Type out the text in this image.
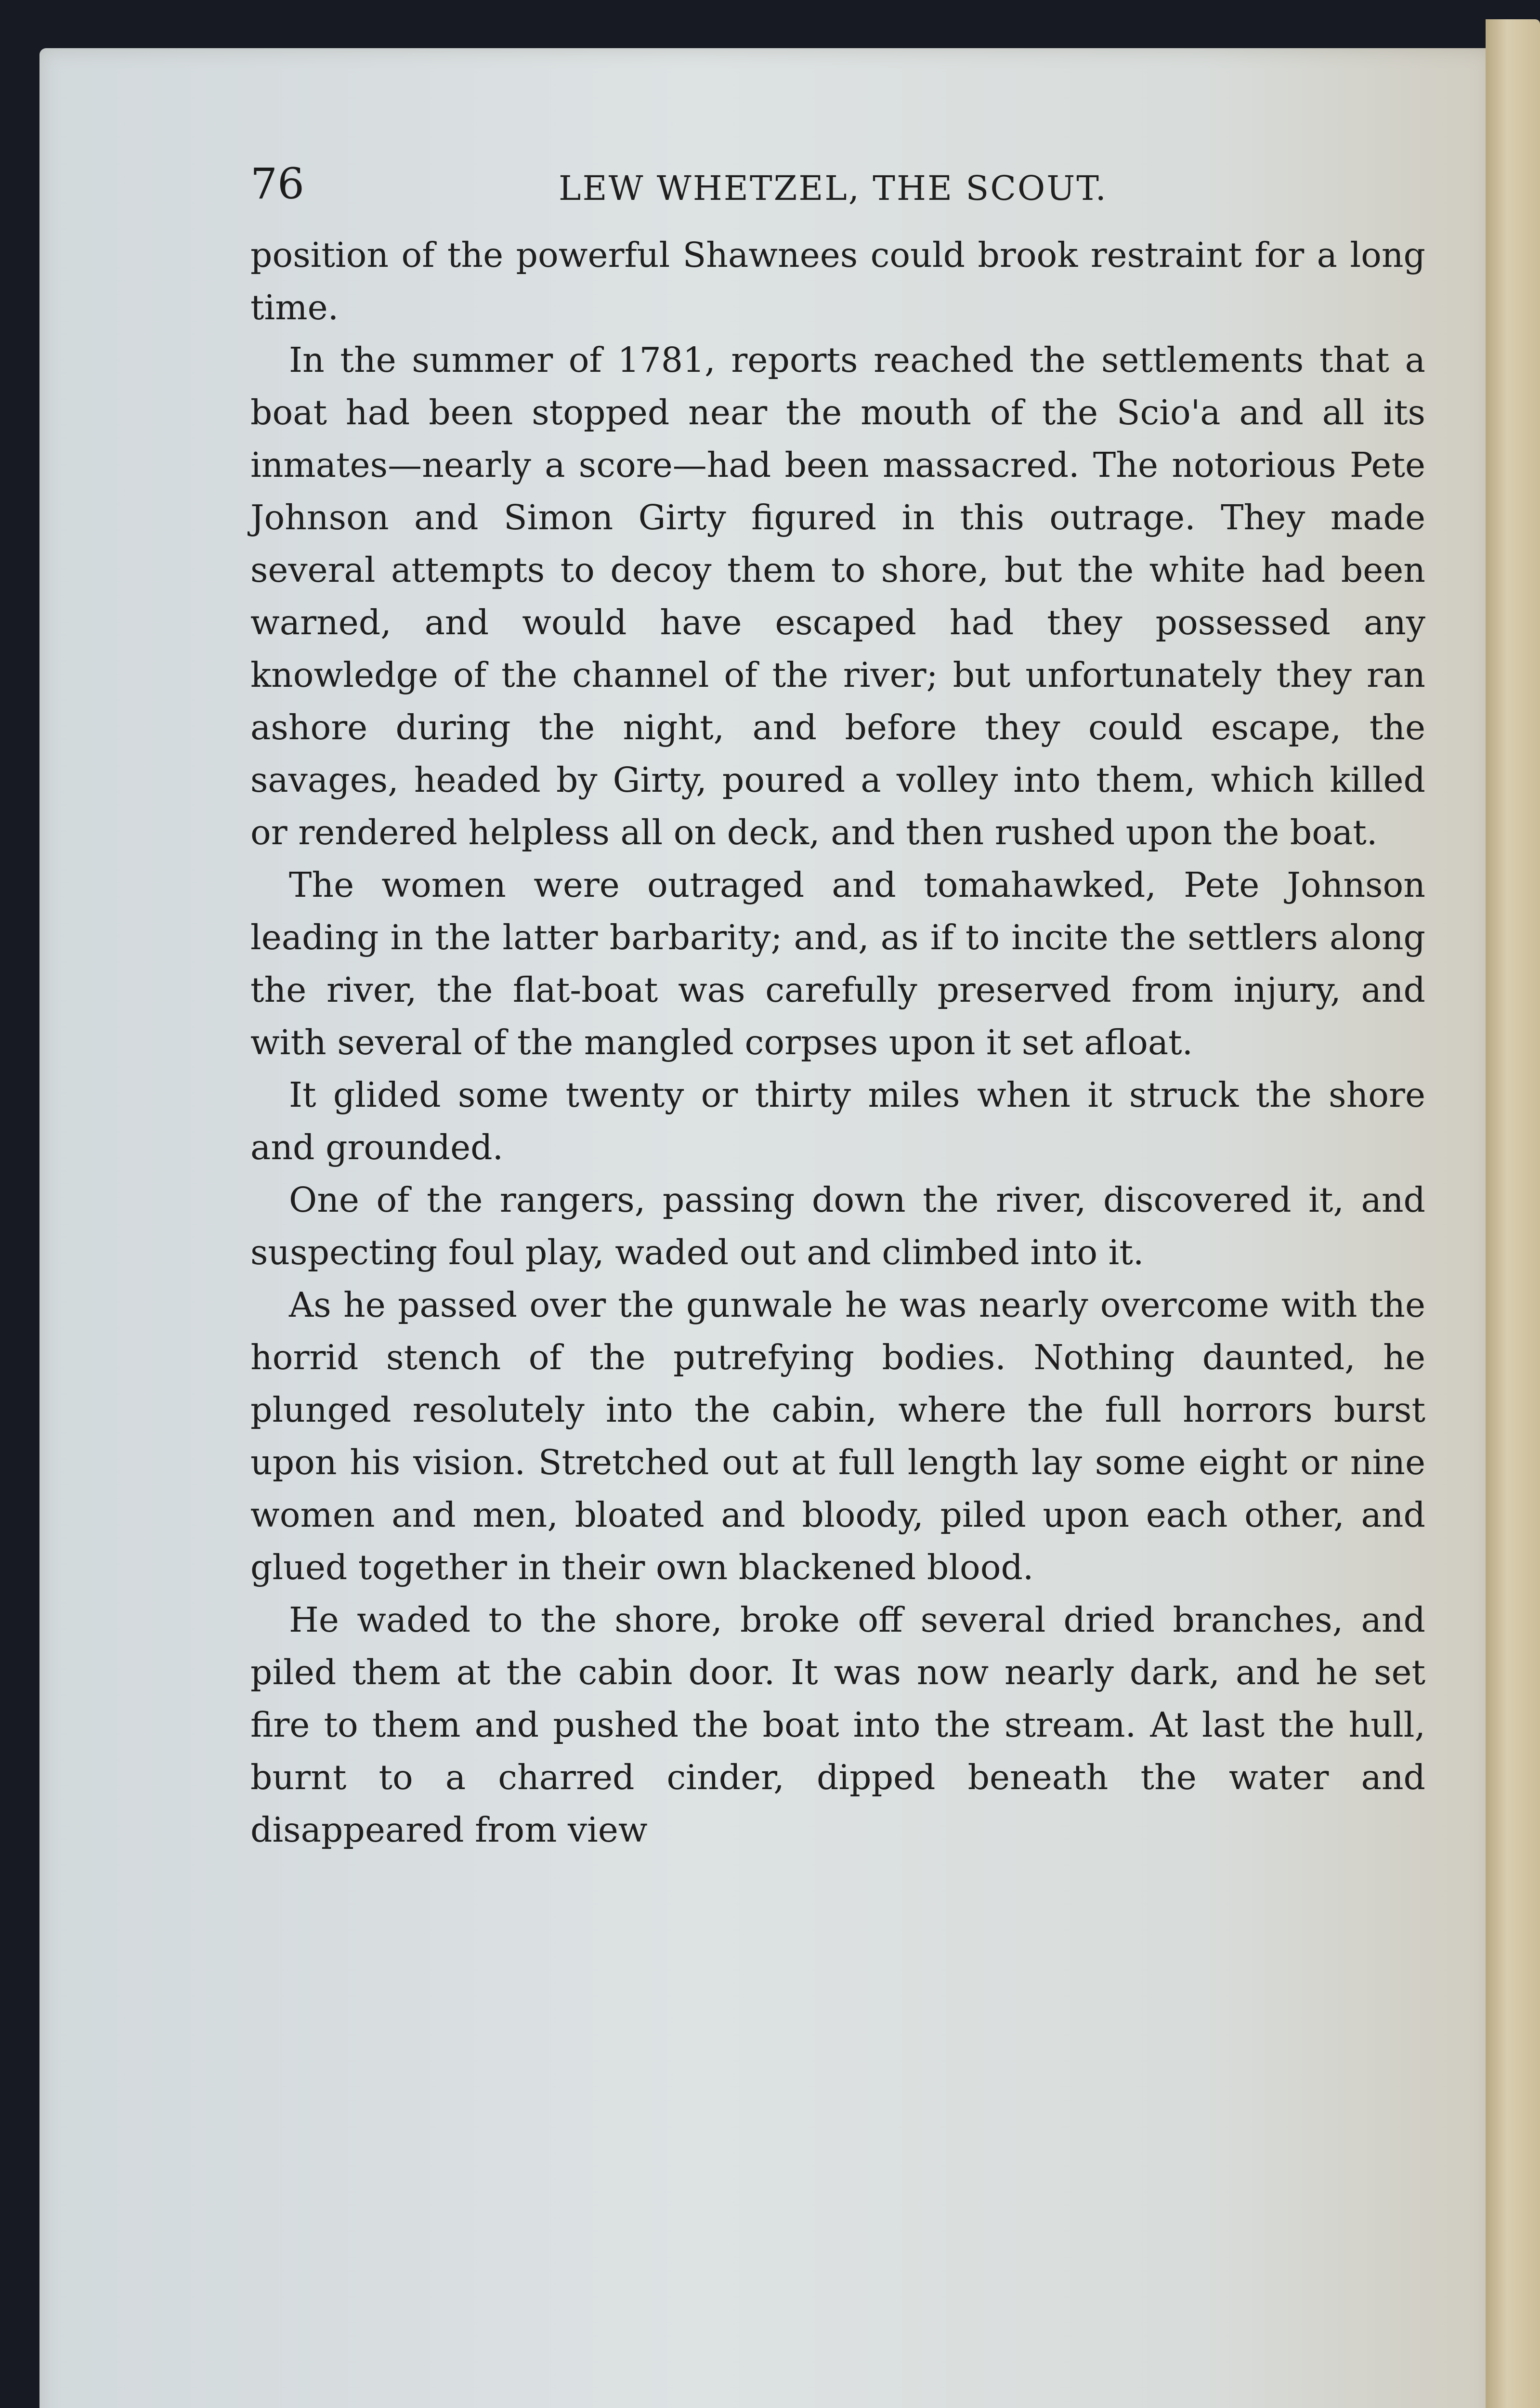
76	LEW WHETZEL, THE SCOUT.

position of the powerful Shawnees could brook restraint for a long time.

In the summer of 1781, reports reached the settlements that a boat had been stopped near the mouth of the Scio'a and all its inmates—nearly a score—had been massacred. The notorious Pete Johnson and Simon Girty figured in this outrage. They made several attempts to decoy them to shore, but the white had been warned, and would have escaped had they possessed any knowledge of the channel of the river; but unfortunately they ran ashore during the night, and before they could escape, the savages, headed by Girty, poured a volley into them, which killed or rendered helpless all on deck, and then rushed upon the boat.

The women were outraged and tomahawked, Pete Johnson leading in the latter barbarity; and, as if to incite the settlers along the river, the flat-boat was carefully preserved from injury, and with several of the mangled corpses upon it set afloat.

It glided some twenty or thirty miles when it struck the shore and grounded.

One of the rangers, passing down the river, discovered it, and suspecting foul play, waded out and climbed into it.

As he passed over the gunwale he was nearly overcome with the horrid stench of the putrefying bodies. Nothing daunted, he plunged resolutely into the cabin, where the full horrors burst upon his vision. Stretched out at full length lay some eight or nine women and men, bloated and bloody, piled upon each other, and glued together in their own blackened blood.

He waded to the shore, broke off several dried branches, and piled them at the cabin door. It was now nearly dark, and he set fire to them and pushed the boat into the stream. At last the hull, burnt to a charred cinder, dipped beneath the water and disappeared from view
